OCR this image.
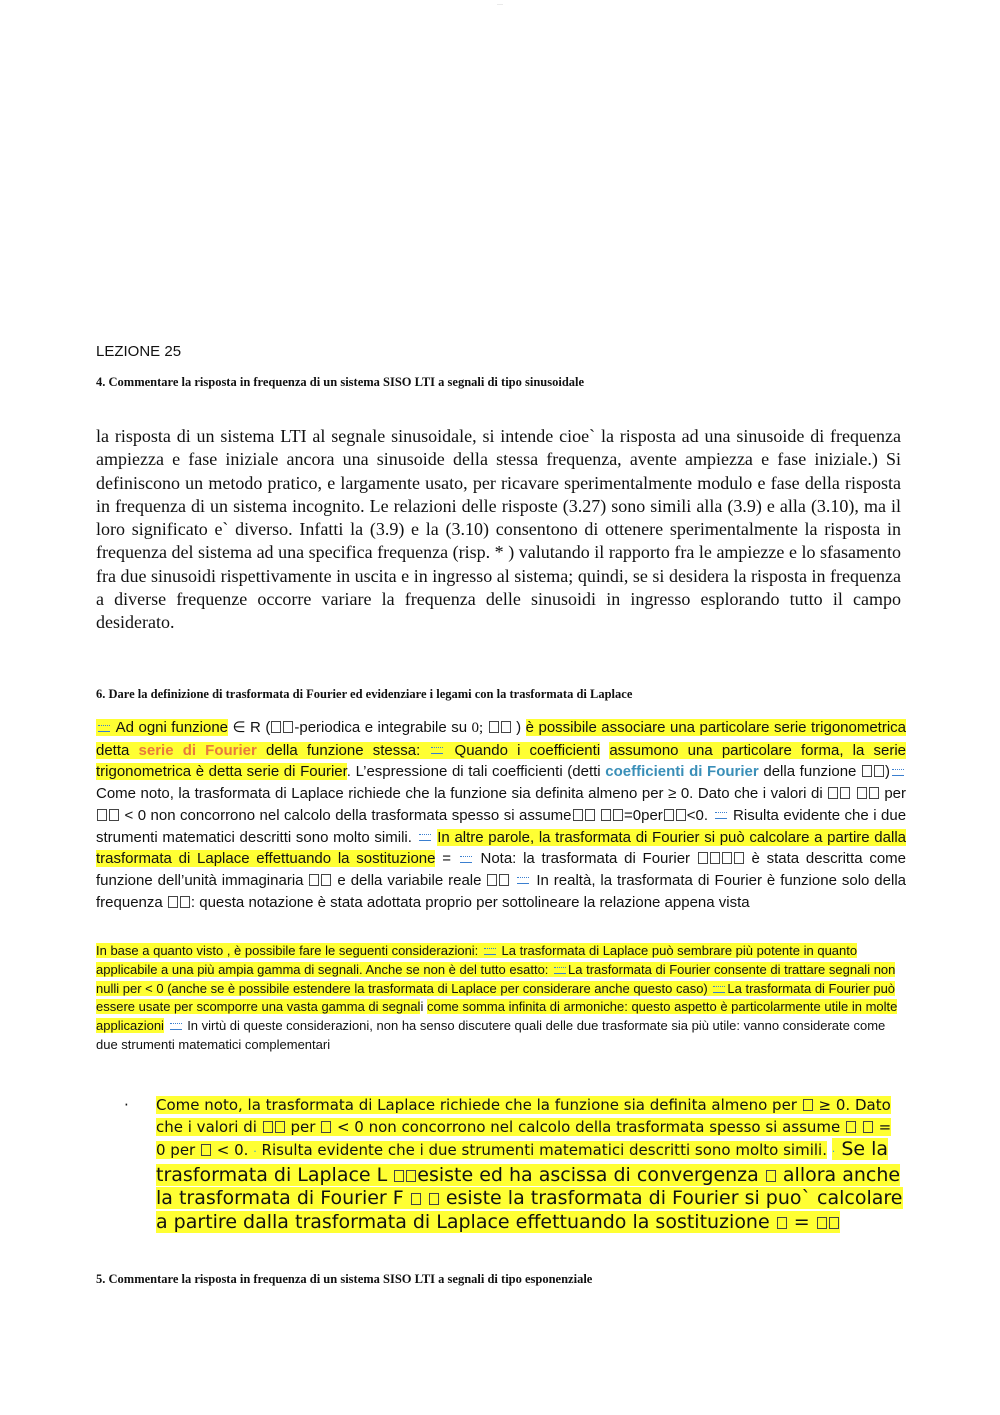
——
LEZIONE 25
4. Commentare la risposta in frequenza di un sistema SISO LTI a segnali di tipo sinusoidale
la risposta di un sistema LTI al segnale sinusoidale, si intende cioe` la risposta ad una sinusoide di frequenza ampiezza e fase iniziale ancora una sinusoide della stessa frequenza, avente ampiezza e fase iniziale.) Si definiscono un metodo pratico, e largamente usato, per ricavare sperimentalmente modulo e fase della risposta in frequenza di un sistema incognito. Le relazioni delle risposte (3.27) sono simili alla (3.9) e alla (3.10), ma il loro significato e` diverso. Infatti la (3.9) e la (3.10) consentono di ottenere sperimentalmente la risposta in frequenza del sistema ad una specifica frequenza (risp. * ) valutando il rapporto fra le ampiezze e lo sfasamento fra due sinusoidi rispettivamente in uscita e in ingresso al sistema; quindi, se si desidera la risposta in frequenza a diverse frequenze occorre variare la frequenza delle sinusoidi in ingresso esplorando tutto il campo desiderato.
6. Dare la definizione di trasformata di Fourier ed evidenziare i legami con la trasformata di Laplace
Ad ogni funzione ∈ R ( -periodica e integrabile su 0; ) è possibile associare una particolare serie trigonometrica detta serie di Fourier della funzione stessa: Quando i coefficienti assumono una particolare forma, la serie trigonometrica è detta serie di Fourier. L’espressione di tali coefficienti (detti coefficienti di Fourier della funzione ) Come noto, la trasformata di Laplace richiede che la funzione sia definita almeno per ≥ 0. Dato che i valori di	per  < 0 non concorrono nel calcolo della trasformata spesso si assume	=0per <0. Risulta evidente che i due strumenti matematici descritti sono molto simili. In altre parole, la trasformata di Fourier si può calcolare a partire dalla trasformata di Laplace effettuando la sostituzione = Nota: la trasformata di Fourier	è stata descritta come funzione dell’unità immaginaria e della variabile reale	In realtà, la trasformata di Fourier è funzione solo della frequenza : questa notazione è stata adottata proprio per sottolineare la relazione appena vista
In base a quanto visto , è possibile fare le seguenti considerazioni: La trasformata di Laplace può sembrare più potente in quanto applicabile a una più ampia gamma di segnali. Anche se non è del tutto esatto: La trasformata di Fourier consente di trattare segnali non nulli per < 0 (anche se è possibile estendere la trasformata di Laplace per considerare anche questo caso) La trasformata di Fourier può essere usate per scomporre una vasta gamma di segnali come somma infinita di armoniche: questo aspetto è particolarmente utile in molte applicazioni In virtù di queste considerazioni, non ha senso discutere quali delle due trasformate sia più utile: vanno considerate come due strumenti matematici complementari
· Come noto, la trasformata di Laplace richiede che la funzione sia definita almeno per ≥ 0. Dato che i valori di per < 0 non concorrono nel calcolo della trasformata spesso si assume	= 0 per < 0. · Risulta evidente che i due strumenti matematici descritti sono molto simili. · Se la trasformata di Laplace L esiste ed ha ascissa di convergenza allora anche la trasformata di Fourier F esiste la trasformata di Fourier si puo` calcolare a partire dalla trasformata di Laplace effettuando la sostituzione =
5. Commentare la risposta in frequenza di un sistema SISO LTI a segnali di tipo esponenziale
